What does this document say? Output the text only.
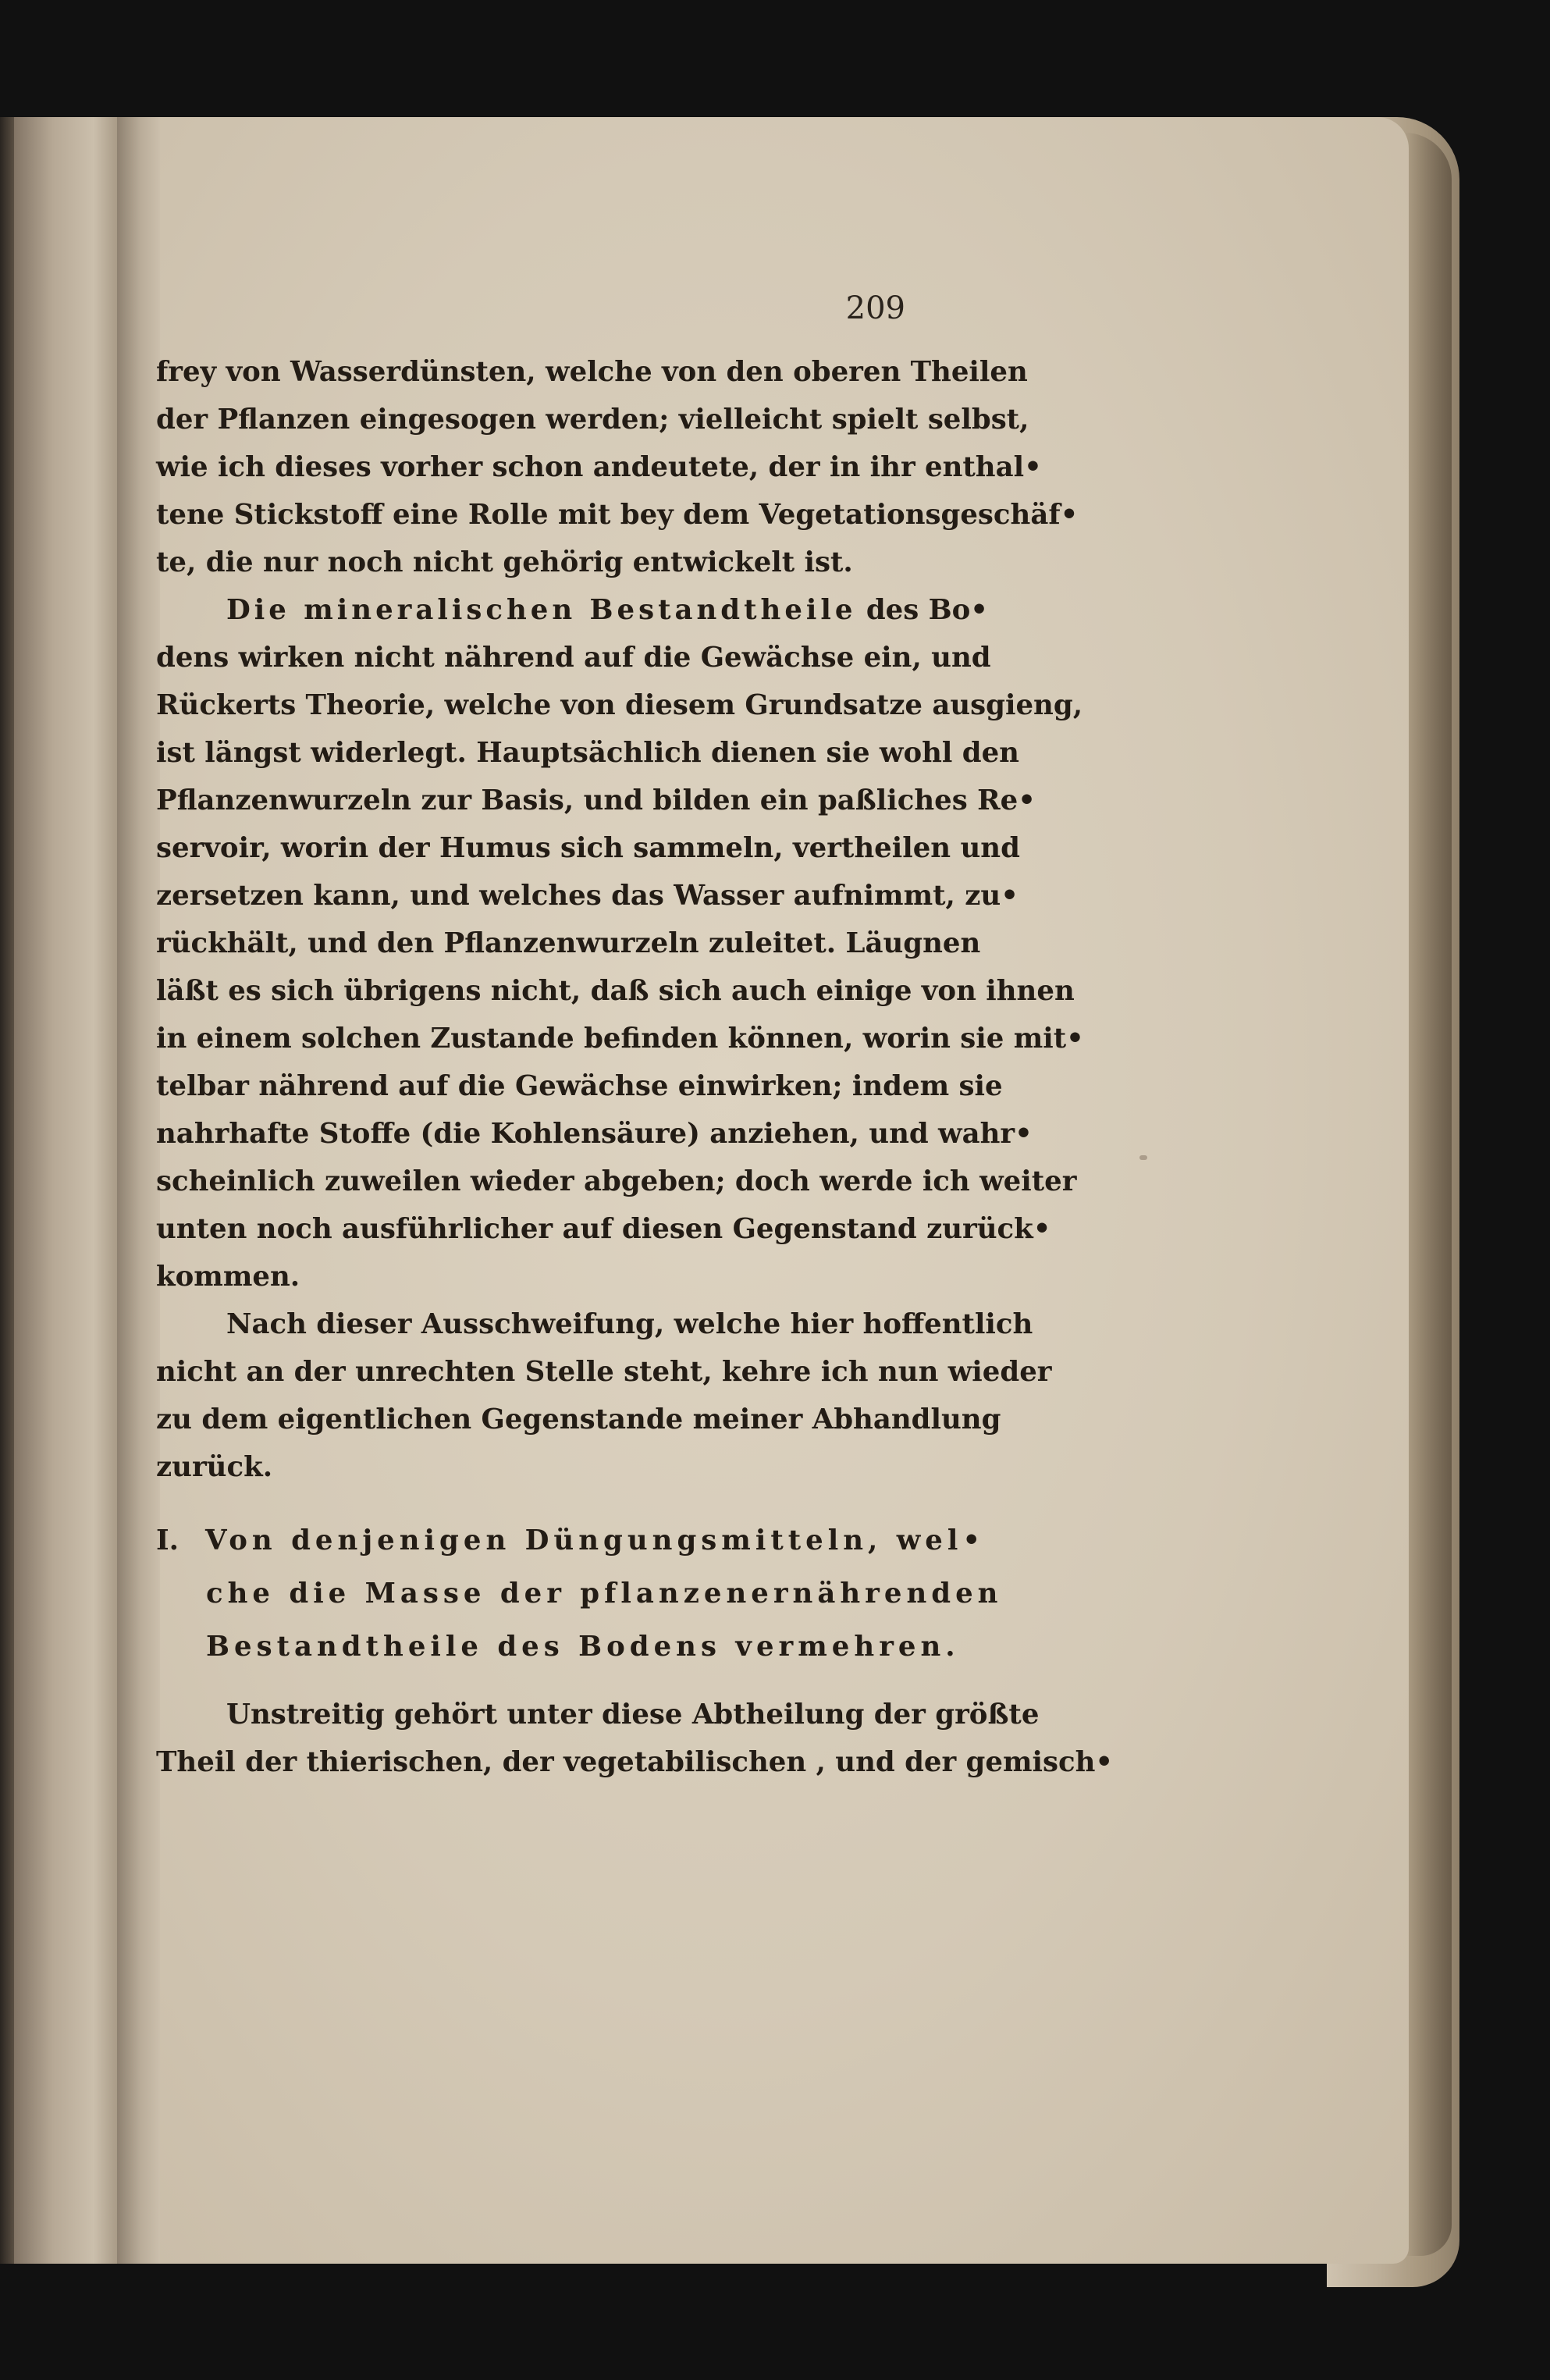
209
frey von Wasserdünsten, welche von den oberen Theilen
der Pflanzen eingesogen werden; vielleicht spielt selbst,
wie ich dieses vorher schon andeutete, der in ihr enthal•
tene Stickstoff eine Rolle mit bey dem Vegetationsgeschäf•
te, die nur noch nicht gehörig entwickelt ist.
Die mineralischen Bestandtheile des Bo•
dens wirken nicht nährend auf die Gewächse ein, und
Rückerts Theorie, welche von diesem Grundsatze ausgieng,
ist längst widerlegt. Hauptsächlich dienen sie wohl den
Pflanzenwurzeln zur Basis, und bilden ein paßliches Re•
servoir, worin der Humus sich sammeln, vertheilen und
zersetzen kann, und welches das Wasser aufnimmt, zu•
rückhält, und den Pflanzenwurzeln zuleitet. Läugnen
läßt es sich übrigens nicht, daß sich auch einige von ihnen
in einem solchen Zustande befinden können, worin sie mit•
telbar nährend auf die Gewächse einwirken; indem sie
nahrhafte Stoffe (die Kohlensäure) anziehen, und wahr•
scheinlich zuweilen wieder abgeben; doch werde ich weiter
unten noch ausführlicher auf diesen Gegenstand zurück•
kommen.
Nach dieser Ausschweifung, welche hier hoffentlich
nicht an der unrechten Stelle steht, kehre ich nun wieder
zu dem eigentlichen Gegenstande meiner Abhandlung
zurück.
I. Von denjenigen Düngungsmitteln, wel•
che die Masse der pflanzenernährenden
Bestandtheile des Bodens vermehren.
Unstreitig gehört unter diese Abtheilung der größte
Theil der thierischen, der vegetabilischen , und der gemisch•
